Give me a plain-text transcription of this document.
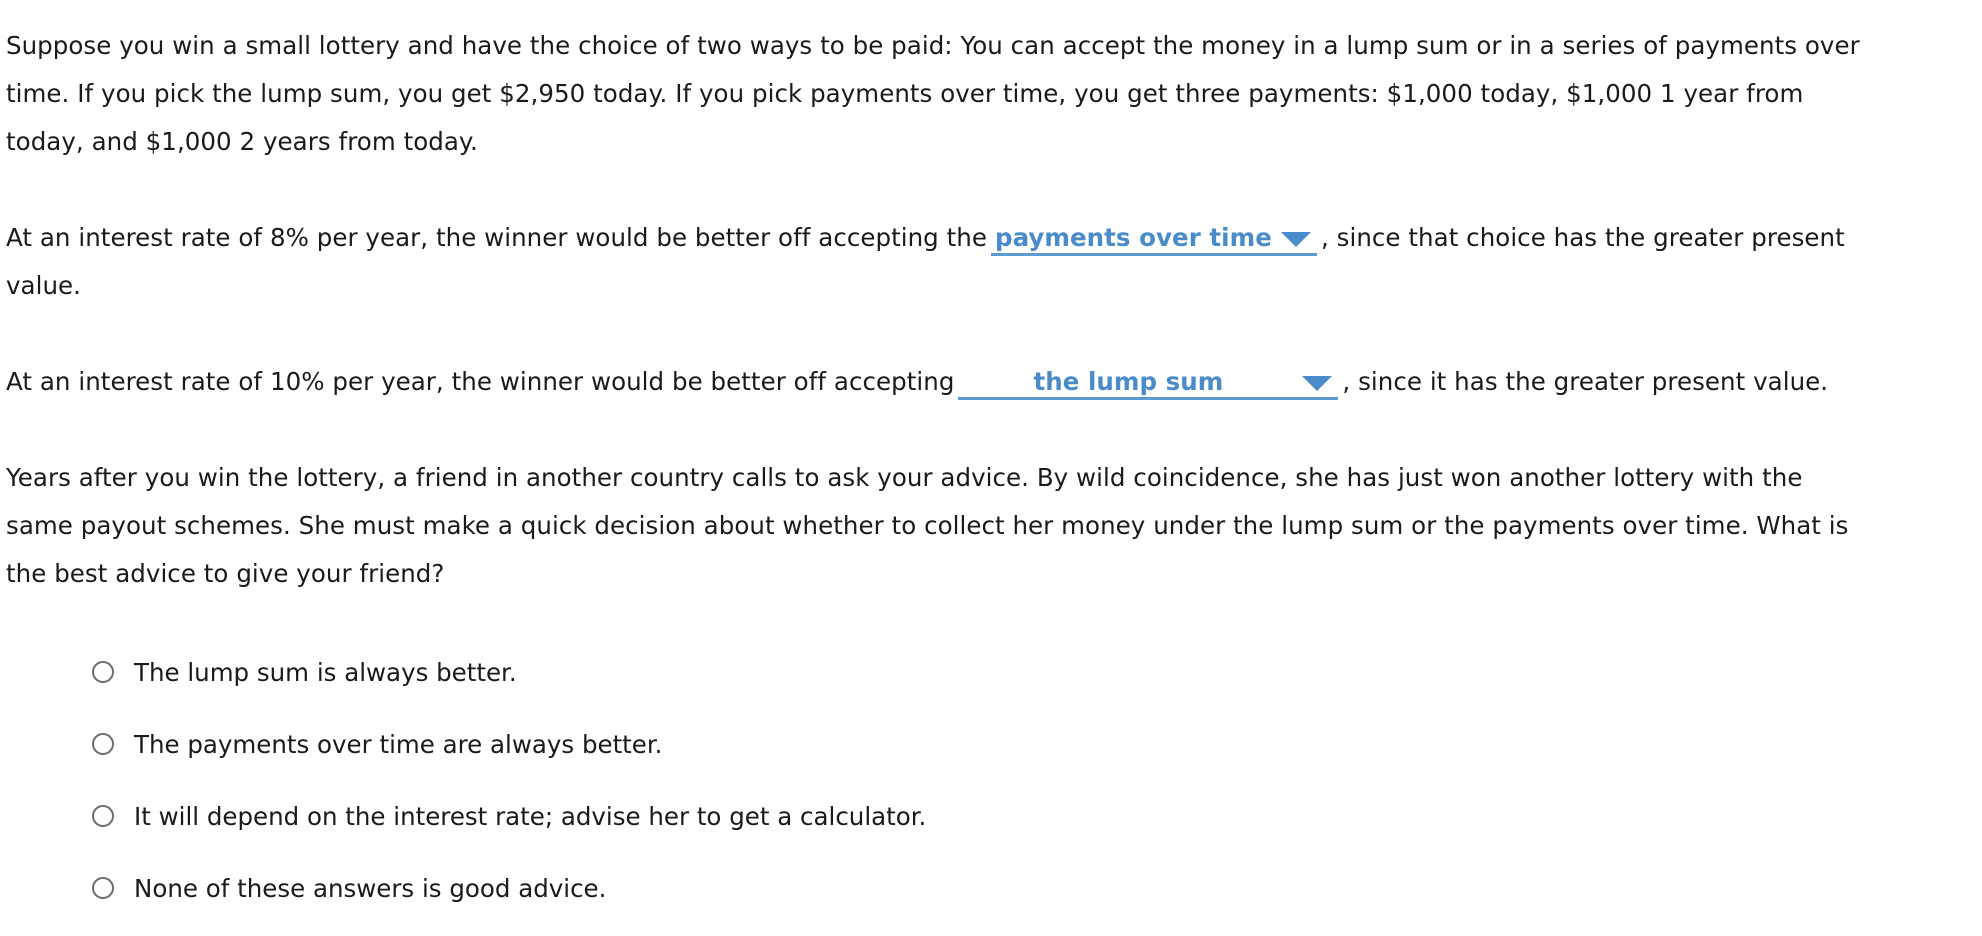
Suppose you win a small lottery and have the choice of two ways to be paid: You can accept the money in a lump sum or in a series of payments over time. If you pick the lump sum, you get $2,950 today. If you pick payments over time, you get three payments: $1,000 today, $1,000 1 year from today, and $1,000 2 years from today.

At an interest rate of 8% per year, the winner would be better off accepting the payments over time , since that choice has the greater present value.

At an interest rate of 10% per year, the winner would be better off accepting	the lump sum	, since it has the greater present value.

Years after you win the lottery, a friend in another country calls to ask your advice. By wild coincidence, she has just won another lottery with the same payout schemes. She must make a quick decision about whether to collect her money under the lump sum or the payments over time. What is the best advice to give your friend?

The lump sum is always better.
The payments over time are always better.
It will depend on the interest rate; advise her to get a calculator.
None of these answers is good advice.
